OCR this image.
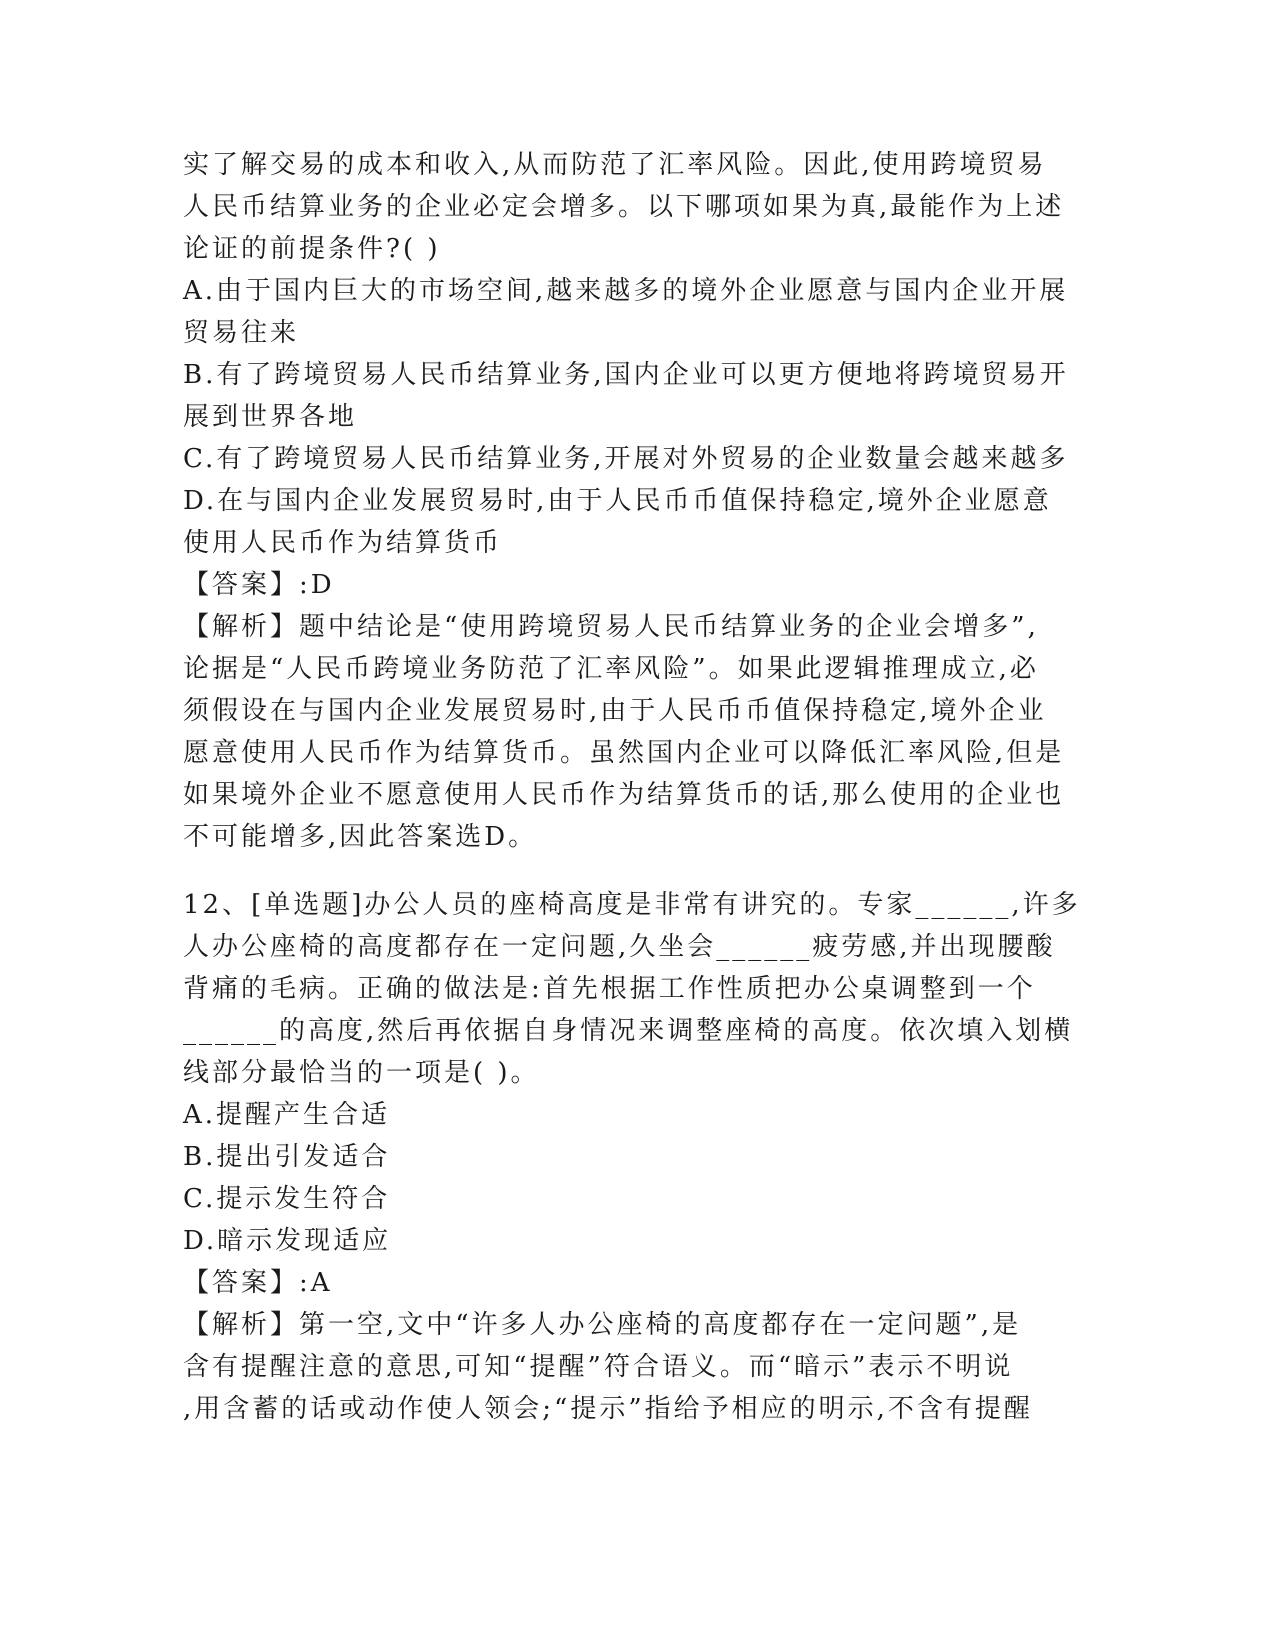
实了解交易的成本和收入,从而防范了汇率风险。因此,使用跨境贸易
人民币结算业务的企业必定会增多。以下哪项如果为真,最能作为上述
论证的前提条件?( )
A.由于国内巨大的市场空间,越来越多的境外企业愿意与国内企业开展
贸易往来
B.有了跨境贸易人民币结算业务,国内企业可以更方便地将跨境贸易开
展到世界各地
C.有了跨境贸易人民币结算业务,开展对外贸易的企业数量会越来越多
D.在与国内企业发展贸易时,由于人民币币值保持稳定,境外企业愿意
使用人民币作为结算货币
【答案】:D
【解析】题中结论是“使用跨境贸易人民币结算业务的企业会增多”,
论据是“人民币跨境业务防范了汇率风险”。如果此逻辑推理成立,必
须假设在与国内企业发展贸易时,由于人民币币值保持稳定,境外企业
愿意使用人民币作为结算货币。虽然国内企业可以降低汇率风险,但是
如果境外企业不愿意使用人民币作为结算货币的话,那么使用的企业也
不可能增多,因此答案选D。
12、[单选题]办公人员的座椅高度是非常有讲究的。专家______,许多
人办公座椅的高度都存在一定问题,久坐会______疲劳感,并出现腰酸
背痛的毛病。正确的做法是:首先根据工作性质把办公桌调整到一个
______的高度,然后再依据自身情况来调整座椅的高度。依次填入划横
线部分最恰当的一项是( )。
A.提醒产生合适
B.提出引发适合
C.提示发生符合
D.暗示发现适应
【答案】:A
【解析】第一空,文中“许多人办公座椅的高度都存在一定问题”,是
含有提醒注意的意思,可知“提醒”符合语义。而“暗示”表示不明说
,用含蓄的话或动作使人领会;“提示”指给予相应的明示,不含有提醒
